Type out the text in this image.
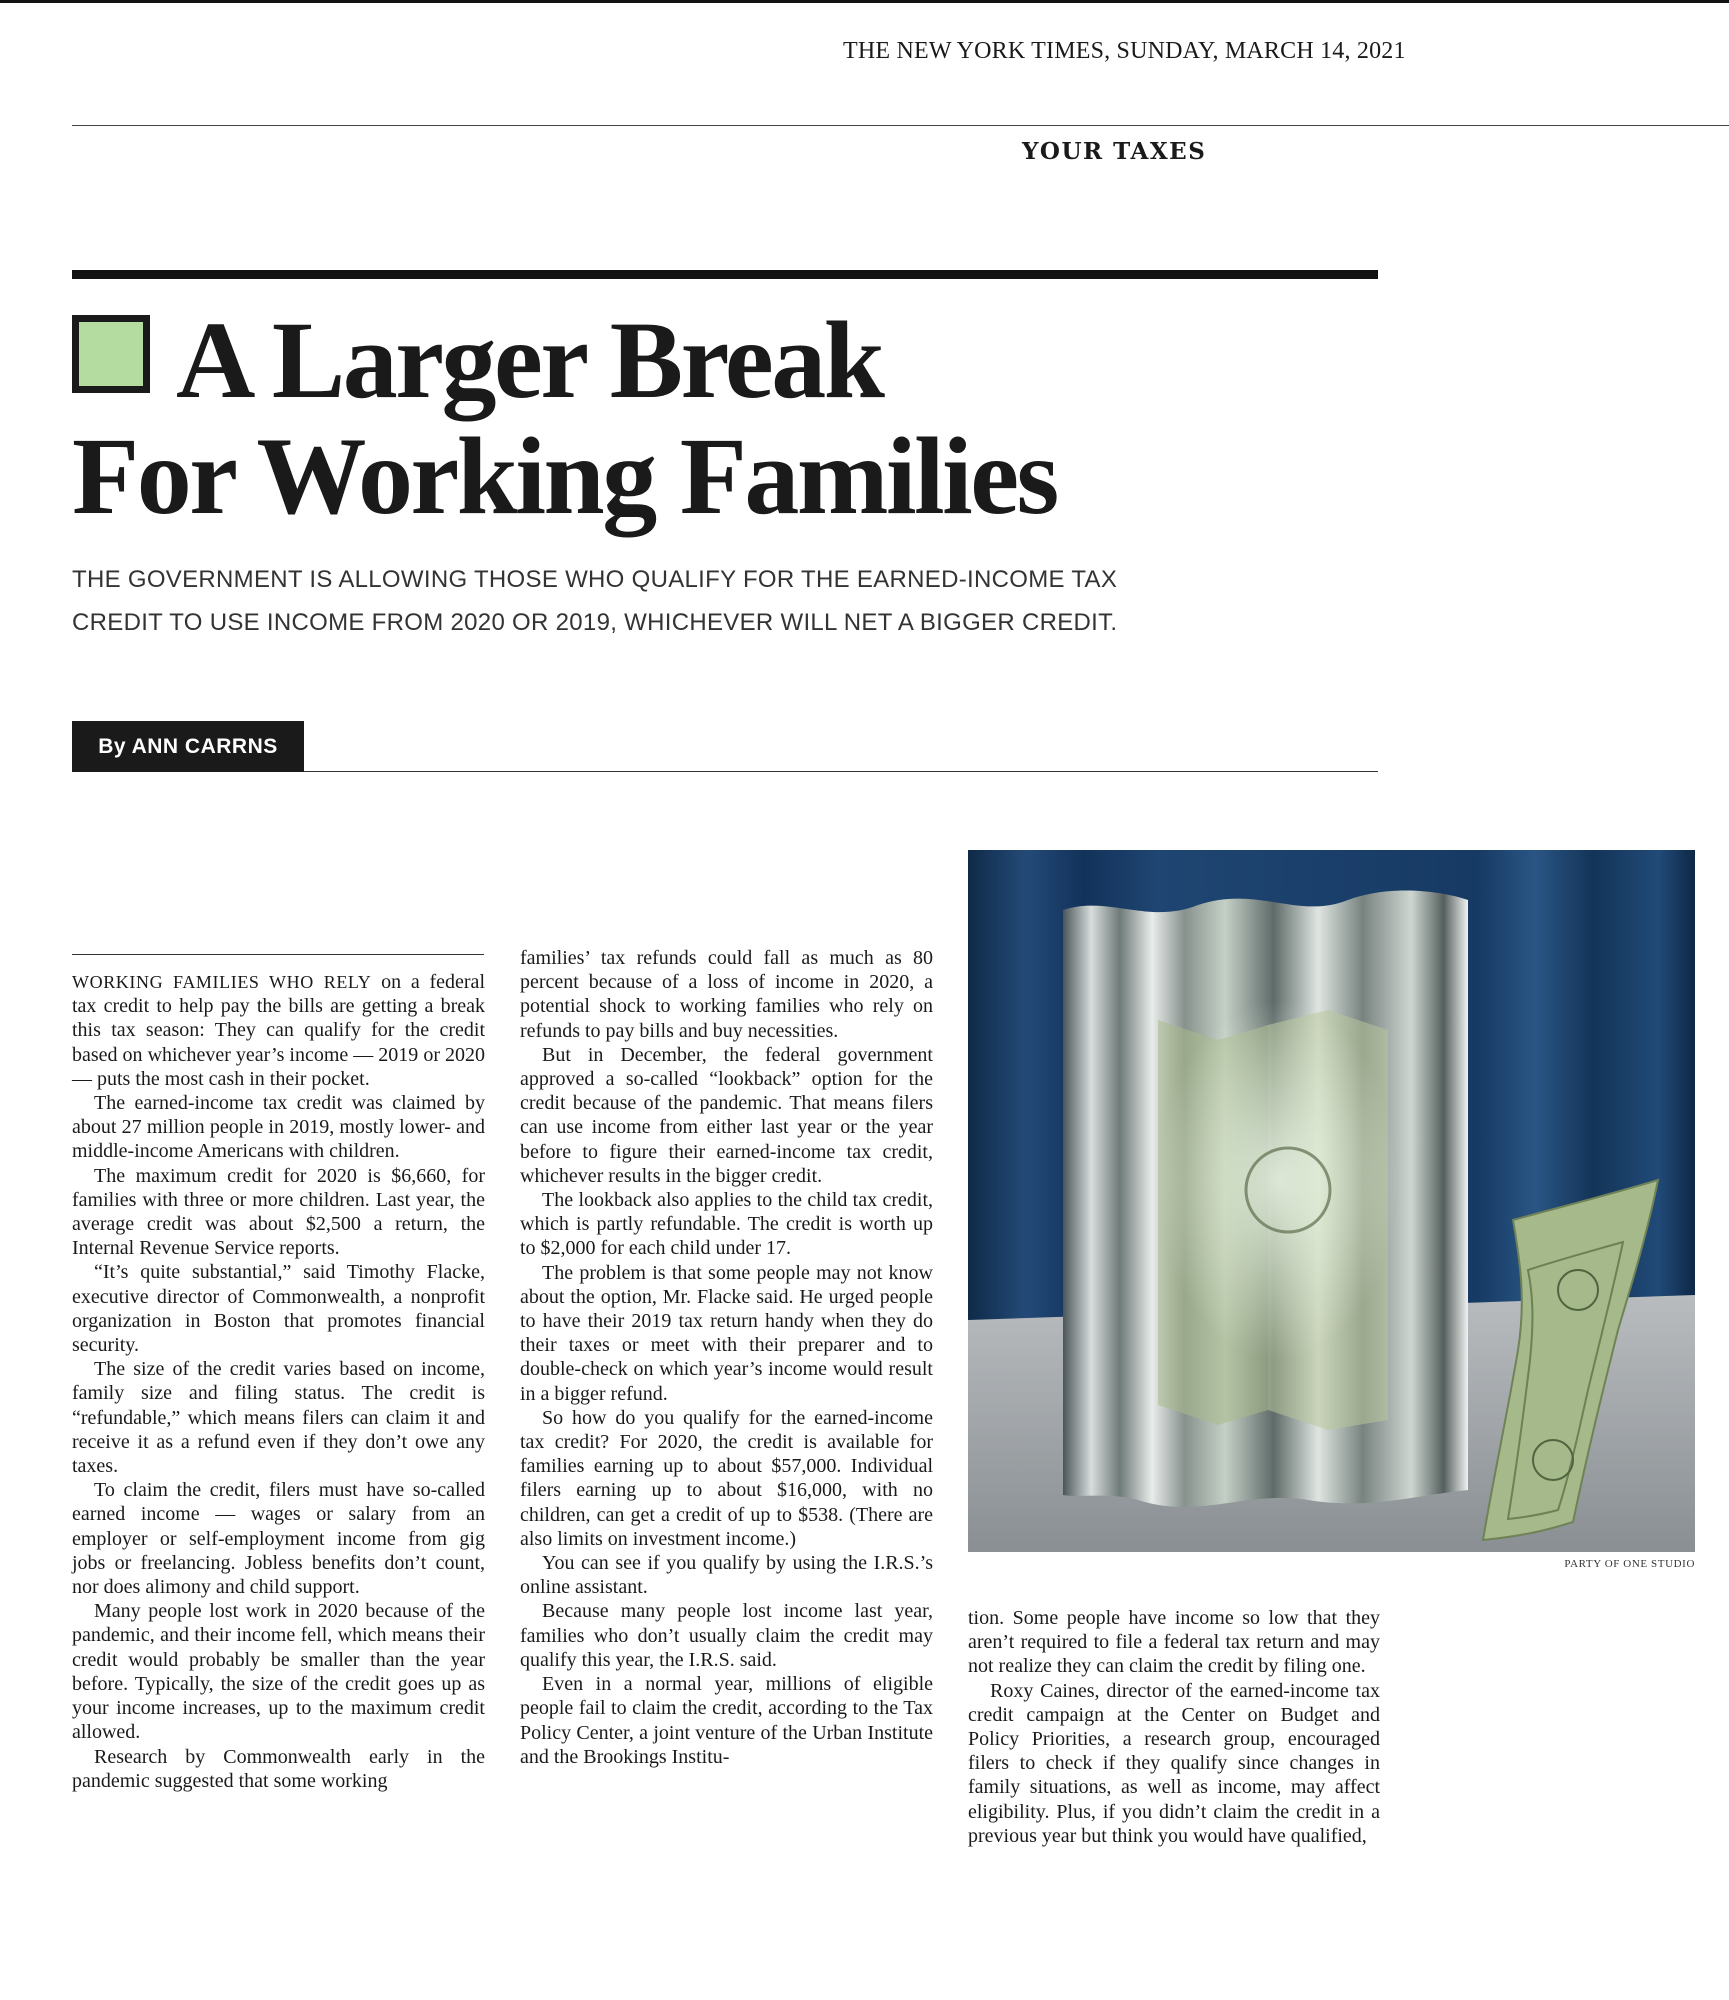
THE NEW YORK TIMES, SUNDAY, MARCH 14, 2021
YOUR TAXES
A Larger Break
For Working Families
THE GOVERNMENT IS ALLOWING THOSE WHO QUALIFY FOR THE EARNED-INCOME TAX
CREDIT TO USE INCOME FROM 2020 OR 2019, WHICHEVER WILL NET A BIGGER CREDIT.
By ANN CARRNS

WORKING FAMILIES WHO RELY on a federal tax credit to help pay the bills are getting a break this tax season: They can qualify for the credit based on whichever year’s income — 2019 or 2020 — puts the most cash in their pocket.

The earned-income tax credit was claimed by about 27 million people in 2019, mostly lower- and middle-income Americans with children.

The maximum credit for 2020 is $6,660, for families with three or more children. Last year, the average credit was about $2,500 a return, the Internal Revenue Service reports.

“It’s quite substantial,” said Timothy Flacke, executive director of Commonwealth, a nonprofit organization in Boston that promotes financial security.

The size of the credit varies based on income, family size and filing status. The credit is “refundable,” which means filers can claim it and receive it as a refund even if they don’t owe any taxes.

To claim the credit, filers must have so-called earned income — wages or salary from an employer or self-employment income from gig jobs or freelancing. Jobless benefits don’t count, nor does alimony and child support.

Many people lost work in 2020 because of the pandemic, and their income fell, which means their credit would probably be smaller than the year before. Typically, the size of the credit goes up as your income increases, up to the maximum credit allowed.

Research by Commonwealth early in the pandemic suggested that some working

families’ tax refunds could fall as much as 80 percent because of a loss of income in 2020, a potential shock to working families who rely on refunds to pay bills and buy necessities.

But in December, the federal government approved a so-called “lookback” option for the credit because of the pandemic. That means filers can use income from either last year or the year before to figure their earned-income tax credit, whichever results in the bigger credit.

The lookback also applies to the child tax credit, which is partly refundable. The credit is worth up to $2,000 for each child under 17.

The problem is that some people may not know about the option, Mr. Flacke said. He urged people to have their 2019 tax return handy when they do their taxes or meet with their preparer and to double-check on which year’s income would result in a bigger refund.

So how do you qualify for the earned-income tax credit? For 2020, the credit is available for families earning up to about $57,000. Individual filers earning up to about $16,000, with no children, can get a credit of up to $538. (There are also limits on investment income.)

You can see if you qualify by using the I.R.S.’s online assistant.

Because many people lost income last year, families who don’t usually claim the credit may qualify this year, the I.R.S. said.

Even in a normal year, millions of eligible people fail to claim the credit, according to the Tax Policy Center, a joint venture of the Urban Institute and the Brookings Institu-

PARTY OF ONE STUDIO

tion. Some people have income so low that they aren’t required to file a federal tax return and may not realize they can claim the credit by filing one.

Roxy Caines, director of the earned-income tax credit campaign at the Center on Budget and Policy Priorities, a research group, encouraged filers to check if they qualify since changes in family situations, as well as income, may affect eligibility. Plus, if you didn’t claim the credit in a previous year but think you would have qualified,
